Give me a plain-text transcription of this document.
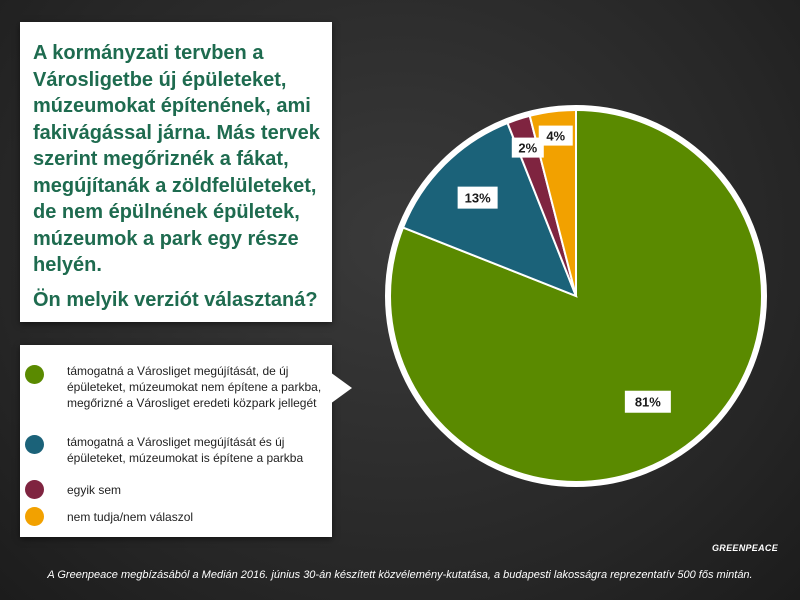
A kormányzati tervben a Városligetbe új épületeket, múzeumokat építenének, ami fakivágással járna. Más tervek szerint megőriznék a fákat, megújítanák a zöldfelületeket, de nem épülnének épületek, múzeumok a park egy része helyén.

Ön melyik verziót választaná?

támogatná a Városliget megújítását, de új épületeket, múzeumokat nem építene a parkba, megőrizné a Városliget eredeti közpark jellegét

támogatná a Városliget megújítását és új épületeket, múzeumokat is építene a parkba

egyik sem

nem tudja/nem válaszol

81%
13%
2%
4%
GREENPEACE
A Greenpeace megbízásából a Medián 2016. június 30-án készített közvélemény-kutatása, a budapesti lakosságra reprezentatív 500 fős mintán.
